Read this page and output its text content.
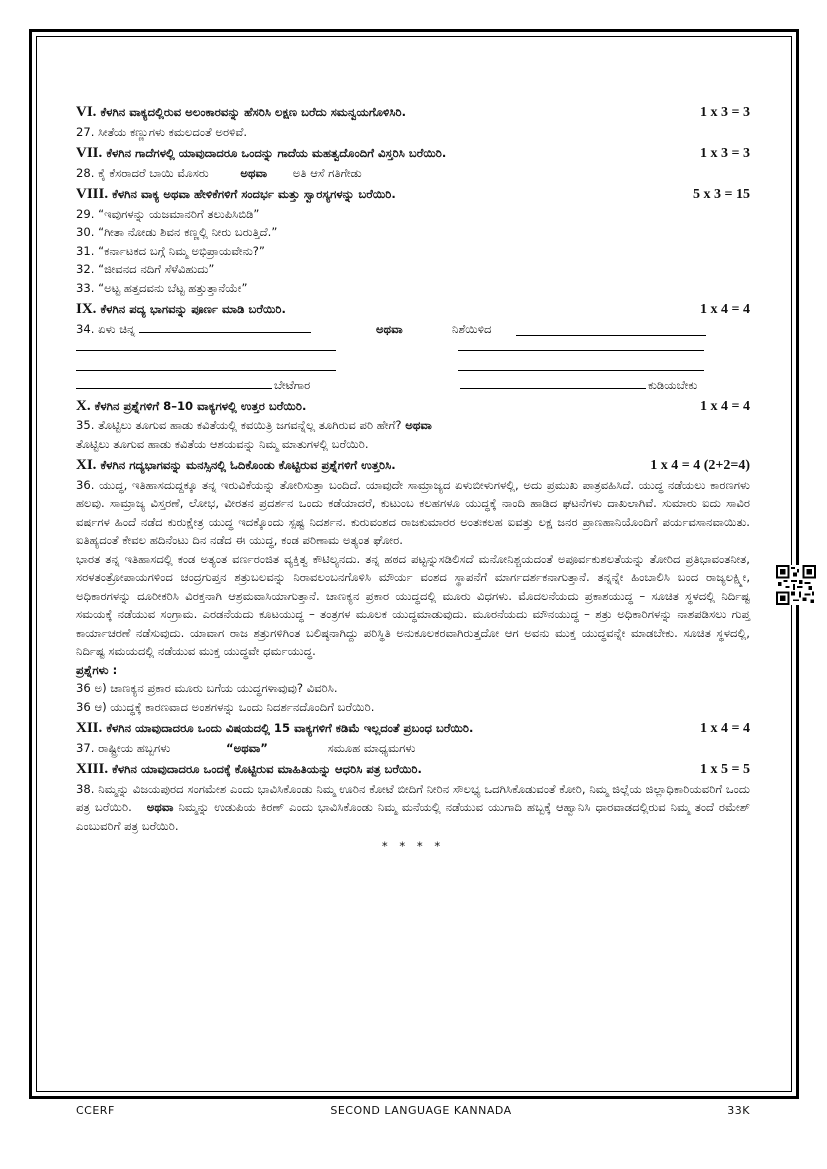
VI. ಕೆಳಗಿನ ವಾಕ್ಯದಲ್ಲಿರುವ ಅಲಂಕಾರವನ್ನು ಹೆಸರಿಸಿ ಲಕ್ಷಣ ಬರೆದು ಸಮನ್ವಯಗೊಳಿಸಿರಿ.	1 x 3 = 3
27. ಸೀತೆಯ ಕಣ್ಣುಗಳು ಕಮಲದಂತೆ ಅರಳಿವೆ.
VII. ಕೆಳಗಿನ ಗಾದೆಗಳಲ್ಲಿ ಯಾವುದಾದರೂ ಒಂದನ್ನು ಗಾದೆಯ ಮಹತ್ವದೊಂದಿಗೆ ವಿಸ್ತರಿಸಿ ಬರೆಯಿರಿ.	1 x 3 = 3
28. ಕೈ ಕೆಸರಾದರೆ ಬಾಯಿ ಮೊಸರು	ಅಥವಾ ಅತಿ ಆಸೆ ಗತಿಗೇಡು
VIII. ಕೆಳಗಿನ ವಾಕ್ಯ ಅಥವಾ ಹೇಳಿಕೆಗಳಿಗೆ ಸಂದರ್ಭ ಮತ್ತು ಸ್ವಾರಸ್ಯಗಳನ್ನು ಬರೆಯಿರಿ.	5 x 3 = 15
29. “ಇವುಗಳನ್ನು ಯಜಮಾನರಿಗೆ ತಲುಪಿಸಿಬಿಡಿ”
30. “ಗೀತಾ ನೋಡು ಶಿವನ ಕಣ್ಣಲ್ಲಿ ನೀರು ಬರುತ್ತಿದೆ.”
31. “ಕರ್ನಾಟಕದ ಬಗ್ಗೆ ನಿಮ್ಮ ಅಭಿಪ್ರಾಯವೇನು?”
32. “ಜೀವನದ ನದಿಗೆ ಸೆಳೆವಿಹುದು”
33. “ಅಟ್ಟ ಹತ್ತದವನು ಬೆಟ್ಟ ಹತ್ತುತ್ತಾನೆಯೇ”
IX. ಕೆಳಗಿನ ಪದ್ಯ ಭಾಗವನ್ನು ಪೂರ್ಣ ಮಾಡಿ ಬರೆಯಿರಿ.	1 x 4 = 4
34. ಏಳು ಚಿನ್ನ	ಅಥವಾ	ನಿಶೆಯಿಳಿದ
ಬೇಟೆಗಾರ	ಕುಡಿಯಬೇಕು
X. ಕೆಳಗಿನ ಪ್ರಶ್ನೆಗಳಿಗೆ 8–10 ವಾಕ್ಯಗಳಲ್ಲಿ ಉತ್ತರ ಬರೆಯಿರಿ.	1 x 4 = 4
35. ತೊಟ್ಟಿಲು ತೂಗುವ ಹಾಡು ಕವಿತೆಯಲ್ಲಿ ಕವಯಿತ್ರಿ ಜಗವನ್ನೆಲ್ಲ ತೂಗಿರುವ ಪರಿ ಹೇಗೆ? ಅಥವಾ
ತೊಟ್ಟಿಲು ತೂಗುವ ಹಾಡು ಕವಿತೆಯ ಆಶಯವನ್ನು ನಿಮ್ಮ ಮಾತುಗಳಲ್ಲಿ ಬರೆಯಿರಿ.
XI. ಕೆಳಗಿನ ಗದ್ಯಭಾಗವನ್ನು ಮನಸ್ಸಿನಲ್ಲಿ ಓದಿಕೊಂಡು ಕೊಟ್ಟಿರುವ ಪ್ರಶ್ನೆಗಳಿಗೆ ಉತ್ತರಿಸಿ.	1 x 4 = 4 (2+2=4)
36. ಯುದ್ಧ, ಇತಿಹಾಸದುದ್ದಕ್ಕೂ ತನ್ನ ಇರುವಿಕೆಯನ್ನು ತೋರಿಸುತ್ತಾ ಬಂದಿದೆ. ಯಾವುದೇ ಸಾಮ್ರಾಜ್ಯದ ಏಳುಬೀಳುಗಳಲ್ಲಿ, ಅದು ಪ್ರಮುಖ ಪಾತ್ರವಹಿಸಿದೆ. ಯುದ್ಧ ನಡೆಯಲು ಕಾರಣಗಳು ಹಲವು. ಸಾಮ್ರಾಜ್ಯ ವಿಸ್ತರಣೆ, ಲೋಭ, ವೀರತನ ಪ್ರದರ್ಶನ ಒಂದು ಕಡೆಯಾದರೆ, ಕುಟುಂಬ ಕಲಹಗಳೂ ಯುದ್ಧಕ್ಕೆ ನಾಂದಿ ಹಾಡಿದ ಘಟನೆಗಳು ದಾಖಲಾಗಿವೆ. ಸುಮಾರು ಐದು ಸಾವಿರ ವರ್ಷಗಳ ಹಿಂದೆ ನಡೆದ ಕುರುಕ್ಷೇತ್ರ ಯುದ್ಧ ಇದಕ್ಕೊಂದು ಸ್ಪಷ್ಟ ನಿದರ್ಶನ. ಕುರುವಂಶದ ರಾಜಕುಮಾರರ ಅಂತಃಕಲಹ ಐವತ್ತು ಲಕ್ಷ ಜನರ ಪ್ರಾಣಹಾನಿಯೊಂದಿಗೆ ಪರ್ಯವಸಾನವಾಯಿತು. ಐತಿಹ್ಯದಂತೆ ಕೇವಲ ಹದಿನೆಂಟು ದಿನ ನಡೆದ ಈ ಯುದ್ಧ, ಕಂಡ ಪರಿಣಾಮ ಅತ್ಯಂತ ಘೋರ.
ಭಾರತ ತನ್ನ ಇತಿಹಾಸದಲ್ಲಿ ಕಂಡ ಅತ್ಯಂತ ವರ್ಣರಂಜಿತ ವ್ಯಕ್ತಿತ್ವ ಕೌಟಿಲ್ಯನದು. ತನ್ನ ಹಠದ ಪಟ್ಟನ್ನುಸಡಿಲಿಸದೆ ಮನೋನಿಶ್ಚಯದಂತೆ ಅಪೂರ್ವಕುಶಲತೆಯನ್ನು ತೋರಿದ ಪ್ರತಿಭಾವಂತನೀತ, ಸರಳತಂತ್ರೋಪಾಯಗಳಿಂದ ಚಂದ್ರಗುಪ್ತನ ಶತ್ರುಬಲವನ್ನು ನಿರಾವಲಂಬನಗೊಳಿಸಿ ಮೌರ್ಯ ವಂಶದ ಸ್ಥಾಪನೆಗೆ ಮಾರ್ಗದರ್ಶಕನಾಗುತ್ತಾನೆ. ತನ್ನನ್ನೇ ಹಿಂಬಾಲಿಸಿ ಬಂದ ರಾಜ್ಯಲಕ್ಷ್ಮೀ, ಅಧಿಕಾರಗಳನ್ನು ದೂರೀಕರಿಸಿ ವಿರಕ್ತನಾಗಿ ಆಶ್ರಮವಾಸಿಯಾಗುತ್ತಾನೆ. ಚಾಣಕ್ಯನ ಪ್ರಕಾರ ಯುದ್ಧದಲ್ಲಿ ಮೂರು ವಿಧಗಳು. ಮೊದಲನೆಯದು ಪ್ರಕಾಶಯುದ್ಧ – ಸೂಚಿತ ಸ್ಥಳದಲ್ಲಿ ನಿರ್ದಿಷ್ಟ ಸಮಯಕ್ಕೆ ನಡೆಯುವ ಸಂಗ್ರಾಮ. ಎರಡನೆಯದು ಕೂಟಯುದ್ಧ – ತಂತ್ರಗಳ ಮೂಲಕ ಯುದ್ಧಮಾಡುವುದು. ಮೂರನೆಯದು ಮೌನಯುದ್ಧ – ಶತ್ರು ಅಧಿಕಾರಿಗಳನ್ನು ನಾಶಪಡಿಸಲು ಗುಪ್ತ ಕಾರ್ಯಾಚರಣೆ ನಡೆಸುವುದು. ಯಾವಾಗ ರಾಜ ಶತ್ರುಗಳಿಗಿಂತ ಬಲಿಷ್ಠನಾಗಿದ್ದು ಪರಿಸ್ಥಿತಿ ಅನುಕೂಲಕರವಾಗಿರುತ್ತದೋ ಆಗ ಅವನು ಮುಕ್ತ ಯುದ್ಧವನ್ನೇ ಮಾಡಬೇಕು. ಸೂಚಿತ ಸ್ಥಳದಲ್ಲಿ, ನಿರ್ದಿಷ್ಟ ಸಮಯದಲ್ಲಿ ನಡೆಯುವ ಮುಕ್ತ ಯುದ್ಧವೇ ಧರ್ಮಯುದ್ಧ.
ಪ್ರಶ್ನೆಗಳು :
36 ಅ) ಚಾಣಕ್ಯನ ಪ್ರಕಾರ ಮೂರು ಬಗೆಯ ಯುದ್ಧಗಳಾವುವು? ವಿವರಿಸಿ.
36 ಆ) ಯುದ್ಧಕ್ಕೆ ಕಾರಣವಾದ ಅಂಶಗಳನ್ನು ಒಂದು ನಿದರ್ಶನದೊಂದಿಗೆ ಬರೆಯಿರಿ.
XII. ಕೆಳಗಿನ ಯಾವುದಾದರೂ ಒಂದು ವಿಷಯದಲ್ಲಿ 15 ವಾಕ್ಯಗಳಿಗೆ ಕಡಿಮೆ ಇಲ್ಲದಂತೆ ಪ್ರಬಂಧ ಬರೆಯಿರಿ.	1 x 4 = 4
37. ರಾಷ್ಟ್ರೀಯ ಹಬ್ಬಗಳು	“ಅಥವಾ”	ಸಮೂಹ ಮಾಧ್ಯಮಗಳು
XIII. ಕೆಳಗಿನ ಯಾವುದಾದರೂ ಒಂದಕ್ಕೆ ಕೊಟ್ಟಿರುವ ಮಾಹಿತಿಯನ್ನು ಆಧರಿಸಿ ಪತ್ರ ಬರೆಯಿರಿ.	1 x 5 = 5
38. ನಿಮ್ಮನ್ನು ವಿಜಯಪುರದ ಸಂಗಮೇಶ ಎಂದು ಭಾವಿಸಿಕೊಂಡು ನಿಮ್ಮ ಊರಿನ ಕೋಟೆ ಬೀದಿಗೆ ನೀರಿನ ಸೌಲಭ್ಯ ಒದಗಿಸಿಕೊಡುವಂತೆ ಕೋರಿ, ನಿಮ್ಮ ಜಿಲ್ಲೆಯ ಜಿಲ್ಲಾಧಿಕಾರಿಯವರಿಗೆ ಒಂದು ಪತ್ರ ಬರೆಯಿರಿ. ಅಥವಾ ನಿಮ್ಮನ್ನು ಉಡುಪಿಯ ಕಿರಣ್ ಎಂದು ಭಾವಿಸಿಕೊಂಡು ನಿಮ್ಮ ಮನೆಯಲ್ಲಿ ನಡೆಯುವ ಯುಗಾದಿ ಹಬ್ಬಕ್ಕೆ ಆಹ್ವಾನಿಸಿ ಧಾರವಾಡದಲ್ಲಿರುವ ನಿಮ್ಮ ತಂದೆ ರಮೇಶ್ ಎಂಬುವರಿಗೆ ಪತ್ರ ಬರೆಯಿರಿ.
* * * *
CCERF	SECOND LANGUAGE KANNADA	33K
